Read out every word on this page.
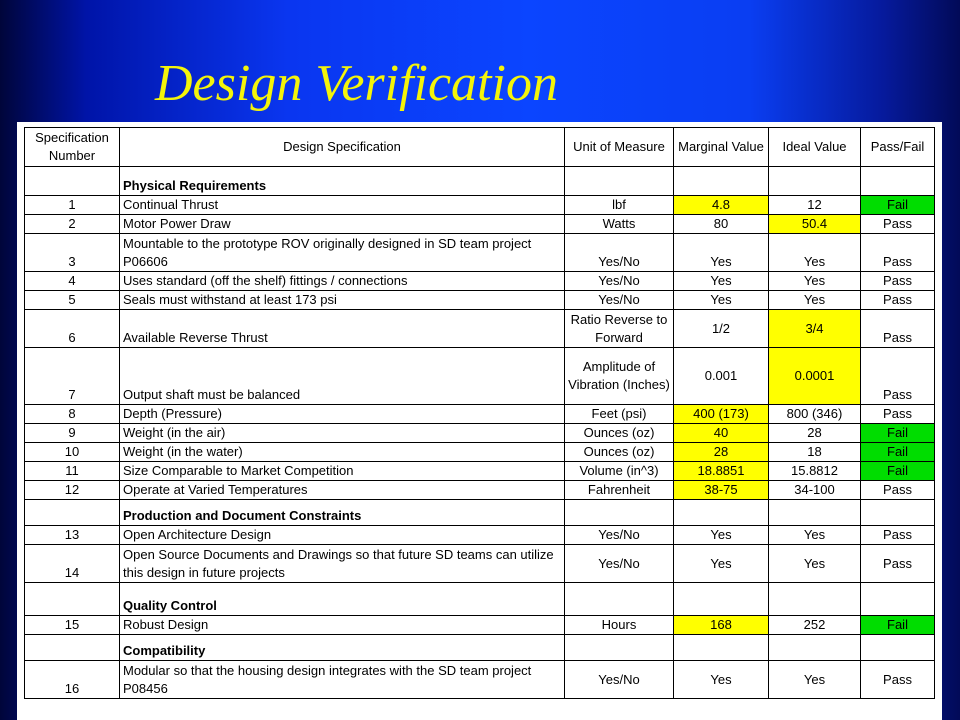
Design Verification
Specification Number	Design Specification	Unit of Measure	Marginal Value	Ideal Value	Pass/Fail
	Physical Requirements				
1	Continual Thrust	lbf	4.8	12	Fail
2	Motor Power Draw	Watts	80	50.4	Pass
3	Mountable to the prototype ROV originally designed in SD team project P06606	Yes/No	Yes	Yes	Pass
4	Uses standard (off the shelf) fittings / connections	Yes/No	Yes	Yes	Pass
5	Seals must withstand at least 173 psi	Yes/No	Yes	Yes	Pass
6	Available Reverse Thrust	Ratio Reverse to Forward	1/2	3/4	Pass
7	Output shaft must be balanced	Amplitude of Vibration (Inches)	0.001	0.0001	Pass
8	Depth (Pressure)	Feet (psi)	400 (173)	800 (346)	Pass
9	Weight (in the air)	Ounces (oz)	40	28	Fail
10	Weight (in the water)	Ounces (oz)	28	18	Fail
11	Size Comparable to Market Competition	Volume (in^3)	18.8851	15.8812	Fail
12	Operate at Varied Temperatures	Fahrenheit	38-75	34-100	Pass
	Production and Document Constraints				
13	Open Architecture Design	Yes/No	Yes	Yes	Pass
14	Open Source Documents and Drawings so that future SD teams can utilize this design in future projects	Yes/No	Yes	Yes	Pass
	Quality Control				
15	Robust Design	Hours	168	252	Fail
	Compatibility				
16	Modular so that the housing design integrates with the SD team project P08456	Yes/No	Yes	Yes	Pass
